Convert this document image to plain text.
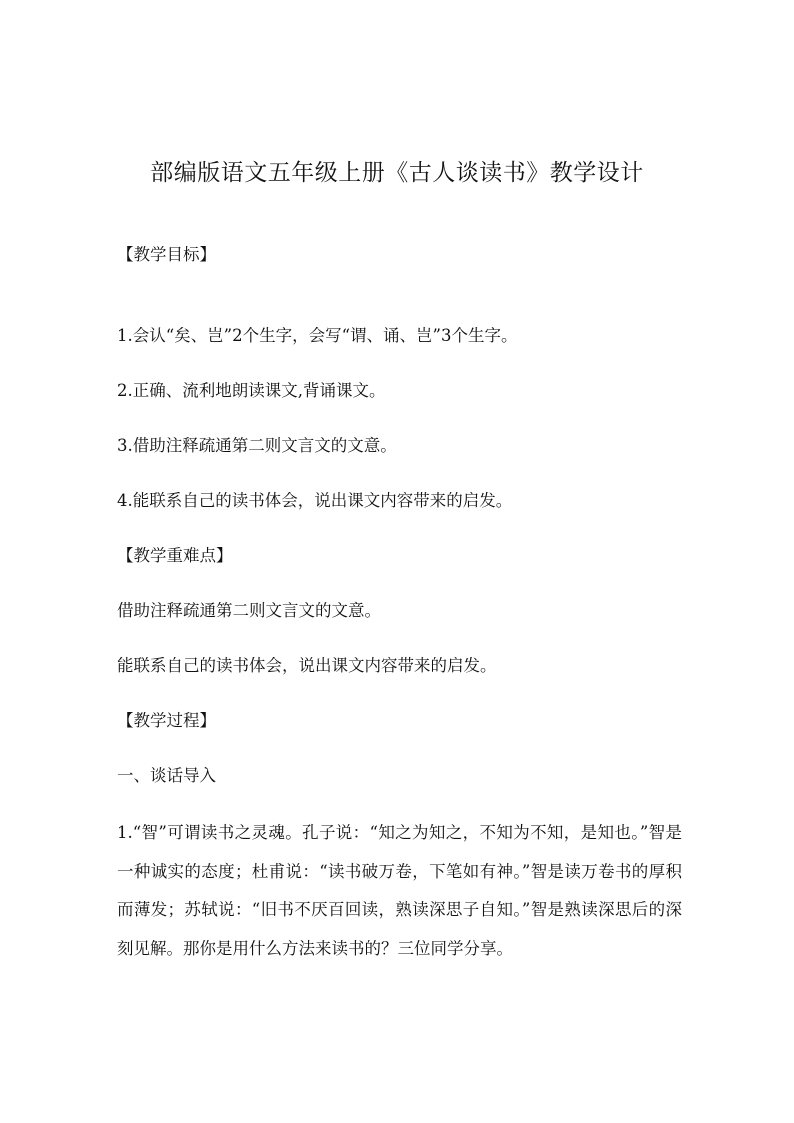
部编版语文五年级上册《古人谈读书》教学设计
【教学目标】
1.会认“矣、岂”2个生字，会写“谓、诵、岂”3个生字。
2.正确、流利地朗读课文,背诵课文。
3.借助注释疏通第二则文言文的文意。
4.能联系自己的读书体会，说出课文内容带来的启发。
【教学重难点】
借助注释疏通第二则文言文的文意。
能联系自己的读书体会，说出课文内容带来的启发。
【教学过程】
一、谈话导入
1.“智”可谓读书之灵魂。孔子说：“知之为知之，不知为不知，是知也。”智是一种诚实的态度；杜甫说：“读书破万卷，下笔如有神。”智是读万卷书的厚积而薄发；苏轼说：“旧书不厌百回读，熟读深思子自知。”智是熟读深思后的深刻见解。那你是用什么方法来读书的？三位同学分享。
